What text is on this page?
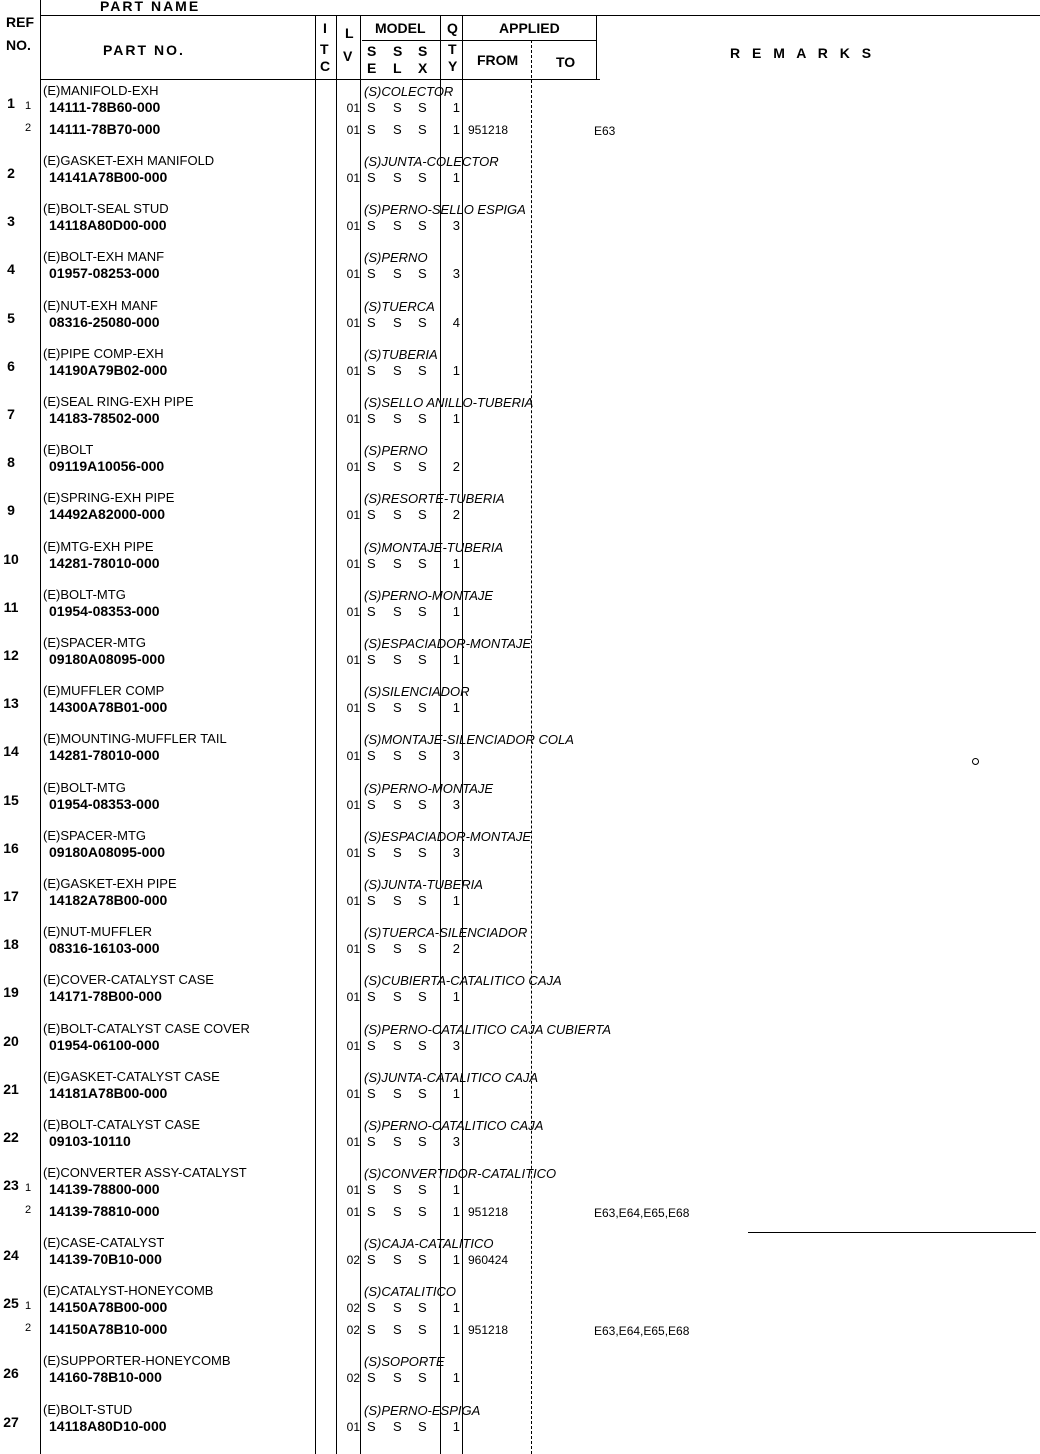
PART NAME
REF
NO.	PART NO.
I
T
C
L
V
MODEL
S
E
S
L
S
X
Q
T
Y
APPLIED
FROM	TO
R E M A R K S
1
(E)MANIFOLD-EXH	(S)COLECTOR
1 14111-78B60-000	01 S S S	1
2 14111-78B70-000	01 S S S	1 951218	E63
2
(E)GASKET-EXH MANIFOLD	(S)JUNTA-COLECTOR
14141A78B00-000	01 S S S	1
3
(E)BOLT-SEAL STUD	(S)PERNO-SELLO ESPIGA
14118A80D00-000	01 S S S	3
4
(E)BOLT-EXH MANF	(S)PERNO
01957-08253-000	01 S S S	3
5
(E)NUT-EXH MANF	(S)TUERCA
08316-25080-000	01 S S S	4
6
(E)PIPE COMP-EXH	(S)TUBERIA
14190A79B02-000	01 S S S	1
7
(E)SEAL RING-EXH PIPE	(S)SELLO ANILLO-TUBERIA
14183-78502-000	01 S S S	1
8
(E)BOLT	(S)PERNO
09119A10056-000	01 S S S	2
9
(E)SPRING-EXH PIPE	(S)RESORTE-TUBERIA
14492A82000-000	01 S S S	2
10
(E)MTG-EXH PIPE	(S)MONTAJE-TUBERIA
14281-78010-000	01 S S S	1
11
(E)BOLT-MTG	(S)PERNO-MONTAJE
01954-08353-000	01 S S S	1
12
(E)SPACER-MTG	(S)ESPACIADOR-MONTAJE
09180A08095-000	01 S S S	1
13
(E)MUFFLER COMP	(S)SILENCIADOR
14300A78B01-000	01 S S S	1
14
(E)MOUNTING-MUFFLER TAIL	(S)MONTAJE-SILENCIADOR COLA
14281-78010-000	01 S S S	3
15
(E)BOLT-MTG	(S)PERNO-MONTAJE
01954-08353-000	01 S S S	3
16
(E)SPACER-MTG	(S)ESPACIADOR-MONTAJE
09180A08095-000	01 S S S	3
17
(E)GASKET-EXH PIPE	(S)JUNTA-TUBERIA
14182A78B00-000	01 S S S	1
18
(E)NUT-MUFFLER	(S)TUERCA-SILENCIADOR
08316-16103-000	01 S S S	2
19
(E)COVER-CATALYST CASE	(S)CUBIERTA-CATALITICO CAJA
14171-78B00-000	01 S S S	1
20
(E)BOLT-CATALYST CASE COVER	(S)PERNO-CATALITICO CAJA CUBIERTA
01954-06100-000	01 S S S	3
21
(E)GASKET-CATALYST CASE	(S)JUNTA-CATALITICO CAJA
14181A78B00-000	01 S S S	1
22
(E)BOLT-CATALYST CASE	(S)PERNO-CATALITICO CAJA
09103-10110	01 S S S	3
23
(E)CONVERTER ASSY-CATALYST	(S)CONVERTIDOR-CATALITICO
1 14139-78800-000	01 S S S	1
2 14139-78810-000	01 S S S	1 951218	E63,E64,E65,E68
24
(E)CASE-CATALYST	(S)CAJA-CATALITICO
14139-70B10-000	02 S S S	1 960424
25
(E)CATALYST-HONEYCOMB	(S)CATALITICO
1 14150A78B00-000	02 S S S	1
2 14150A78B10-000	02 S S S	1 951218	E63,E64,E65,E68
26
(E)SUPPORTER-HONEYCOMB	(S)SOPORTE
14160-78B10-000	02 S S S	1
27
(E)BOLT-STUD	(S)PERNO-ESPIGA
14118A80D10-000	01 S S S	1
